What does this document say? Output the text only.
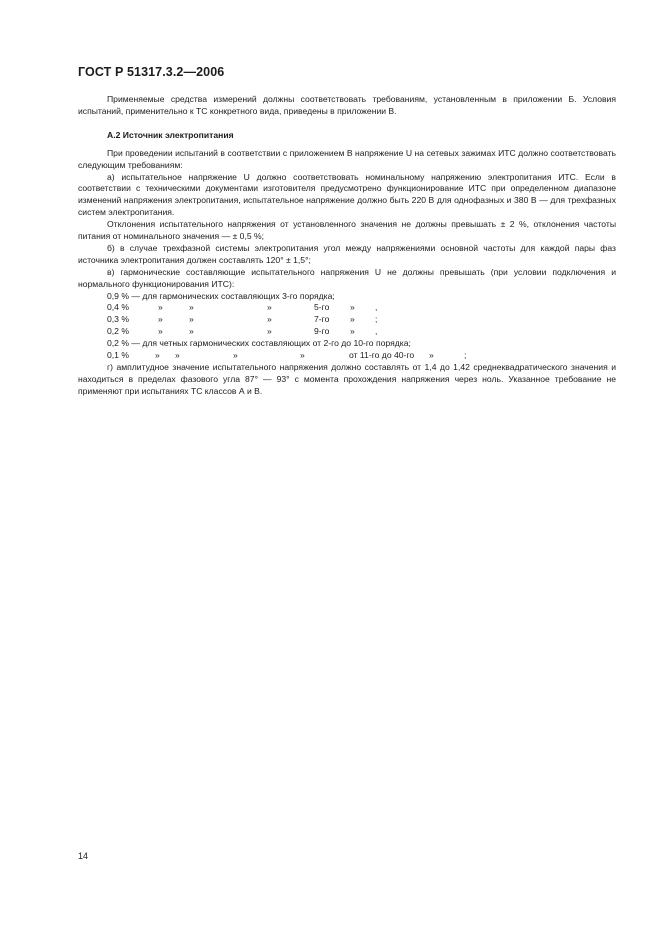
ГОСТ Р 51317.3.2—2006

Применяемые средства измерений должны соответствовать требованиям, установленным в приложении Б. Условия испытаний, применительно к ТС конкретного вида, приведены в приложении В.

А.2 Источник электропитания

При проведении испытаний в соответствии с приложением В напряжение U на сетевых зажимах ИТС должно соответствовать следующим требованиям:

а) испытательное напряжение U должно соответствовать номинальному напряжению электропитания ИТС. Если в соответствии с техническими документами изготовителя предусмотрено функционирование ИТС при определенном диапазоне изменений напряжения электропитания, испытательное напряжение должно быть 220 В для однофазных и 380 В — для трехфазных систем электропитания.

Отклонения испытательного напряжения от установленного значения не должны превышать ± 2 %, отклонения частоты питания от номинального значения — ± 0,5 %;

б) в случае трехфазной системы электропитания угол между напряжениями основной частоты для каждой пары фаз источника электропитания должен составлять 120° ± 1,5°;

в) гармонические составляющие испытательного напряжения U не должны превышать (при условии подключения и нормального функционирования ИТС):

0,9 % — для гармонических составляющих 3-го порядка;
0,4 %	»	»	»	5-го » ,
0,3 %	»	»	»	7-го » ;
0,2 %	»	»	»	9-го » ,
0,2 % — для четных гармонических составляющих от 2-го до 10-го порядка;
0,1 %	» »	»	»	от 11-го до 40-го »	;

г) амплитудное значение испытательного напряжения должно составлять от 1,4 до 1,42 среднеквадратического значения и находиться в пределах фазового угла 87° — 93° с момента прохождения напряжения через ноль. Указанное требование не применяют при испытаниях ТС классов А и В.

14
